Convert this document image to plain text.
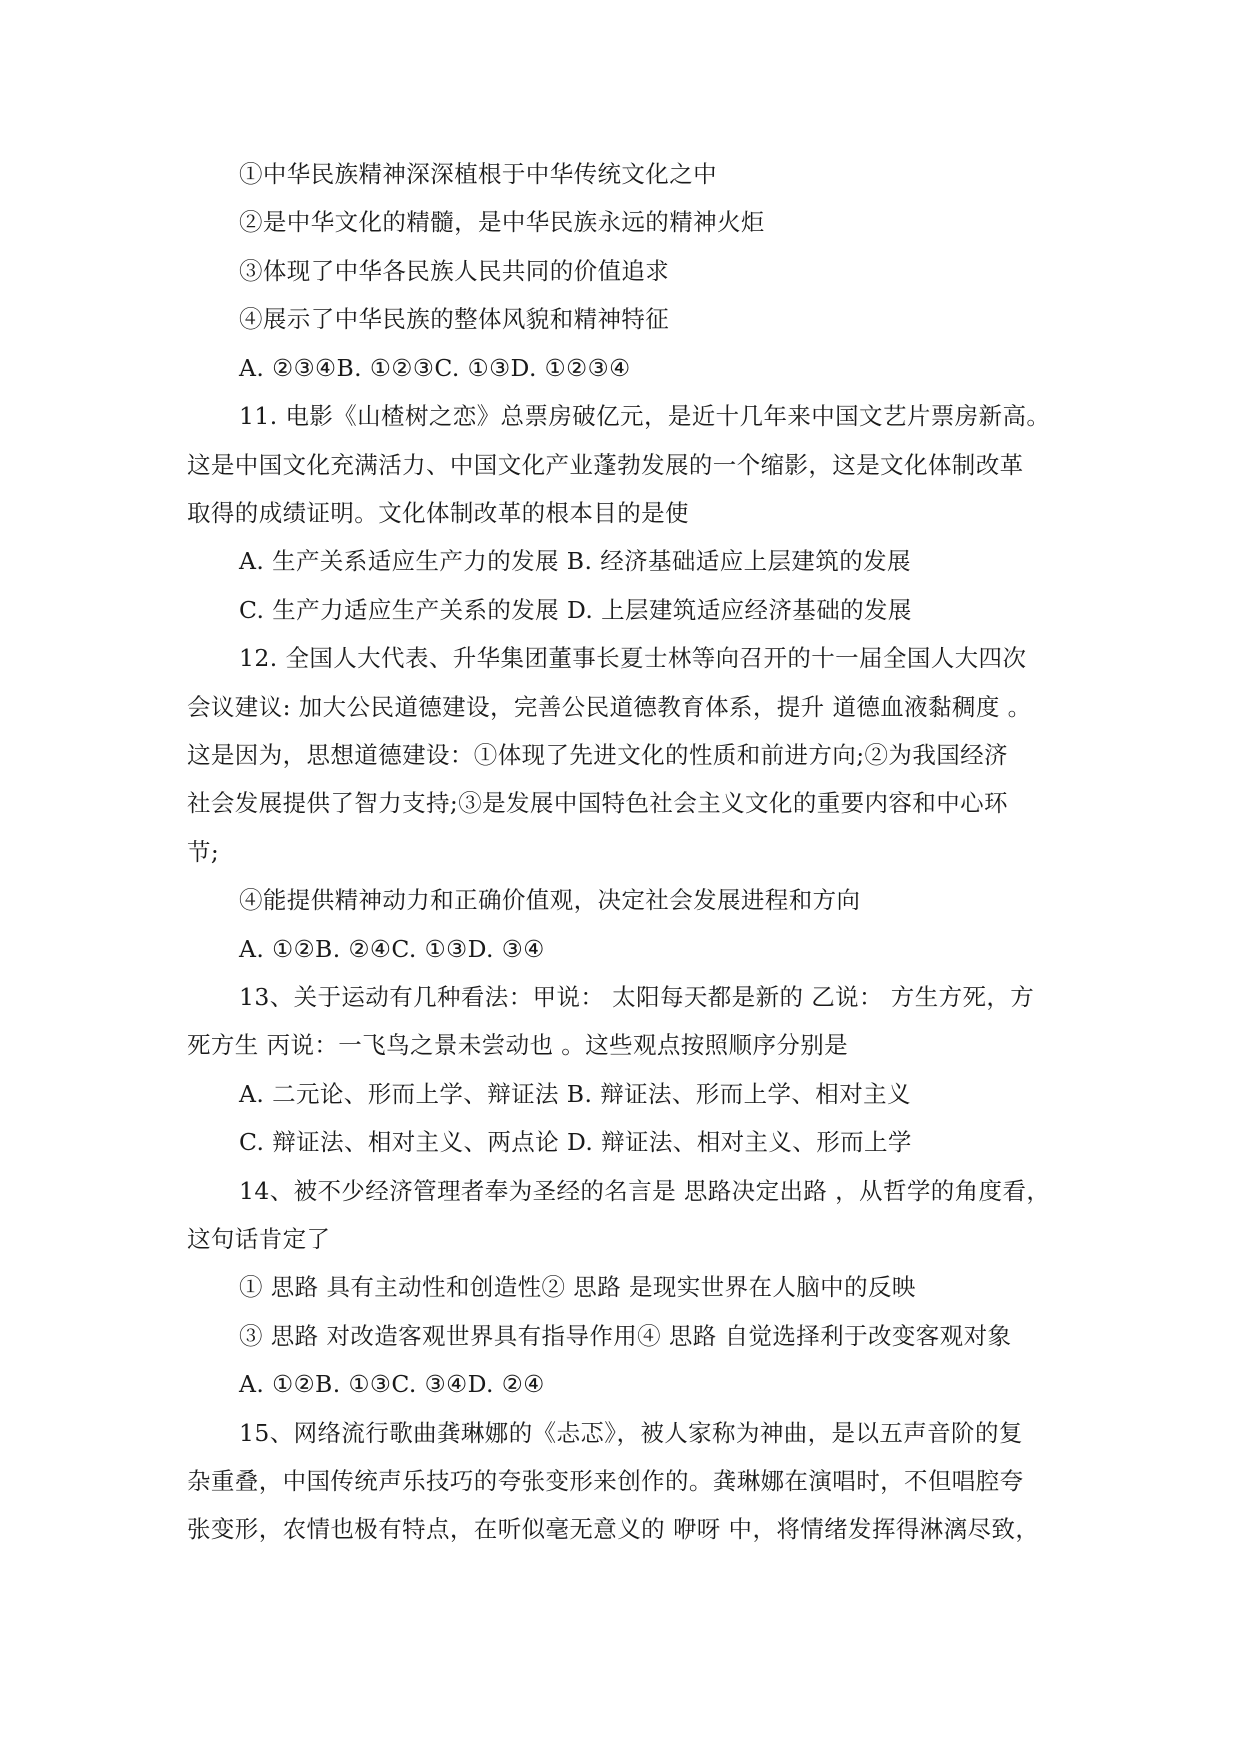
①中华民族精神深深植根于中华传统文化之中
②是中华文化的精髓，是中华民族永远的精神火炬
③体现了中华各民族人民共同的价值追求
④展示了中华民族的整体风貌和精神特征
A. ②③④B. ①②③C. ①③D. ①②③④
11. 电影《山楂树之恋》总票房破亿元，是近十几年来中国文艺片票房新高。
这是中国文化充满活力、中国文化产业蓬勃发展的一个缩影，这是文化体制改革
取得的成绩证明。文化体制改革的根本目的是使
A. 生产关系适应生产力的发展 B. 经济基础适应上层建筑的发展
C. 生产力适应生产关系的发展 D. 上层建筑适应经济基础的发展
12. 全国人大代表、升华集团董事长夏士林等向召开的十一届全国人大四次
会议建议: 加大公民道德建设，完善公民道德教育体系，提升 道德血液黏稠度 。
这是因为，思想道德建设：①体现了先进文化的性质和前进方向;②为我国经济
社会发展提供了智力支持;③是发展中国特色社会主义文化的重要内容和中心环
节;
④能提供精神动力和正确价值观，决定社会发展进程和方向
A. ①②B. ②④C. ①③D. ③④
13、关于运动有几种看法：甲说： 太阳每天都是新的 乙说： 方生方死，方
死方生 丙说：一飞鸟之景未尝动也 。这些观点按照顺序分别是
A. 二元论、形而上学、辩证法 B. 辩证法、形而上学、相对主义
C. 辩证法、相对主义、两点论 D. 辩证法、相对主义、形而上学
14、被不少经济管理者奉为圣经的名言是 思路决定出路 ，从哲学的角度看，
这句话肯定了
① 思路 具有主动性和创造性② 思路 是现实世界在人脑中的反映
③ 思路 对改造客观世界具有指导作用④ 思路 自觉选择利于改变客观对象
A. ①②B. ①③C. ③④D. ②④
15、网络流行歌曲龚琳娜的《忐忑》，被人家称为神曲，是以五声音阶的复
杂重叠，中国传统声乐技巧的夸张变形来创作的。龚琳娜在演唱时，不但唱腔夸
张变形，农情也极有特点，在听似毫无意义的 咿呀 中，将情绪发挥得淋漓尽致，
